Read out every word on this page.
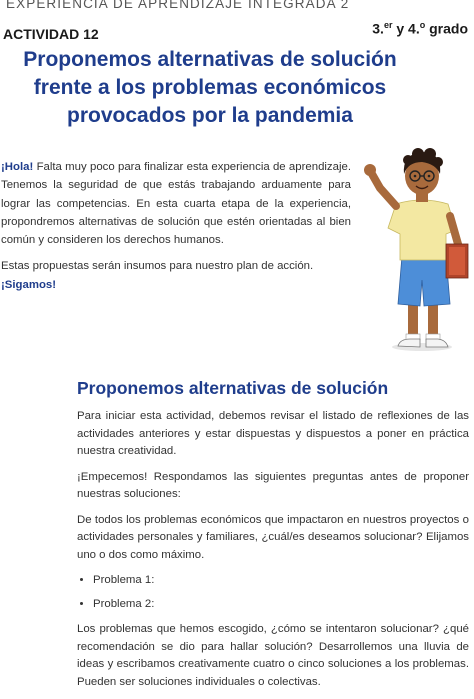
EXPERIENCIA DE APRENDIZAJE INTEGRADA 2
ACTIVIDAD 12	3.$^{er}$ y 4.$^o$ grado
Proponemos alternativas de solución
frente a los problemas económicos
provocados por la pandemia

¡Hola! Falta muy poco para finalizar esta experiencia de aprendizaje. Tenemos la seguridad de que estás trabajando arduamente para lograr las competencias. En esta cuarta etapa de la experiencia, propondremos alternativas de solución que estén orientadas al bien común y consideren los derechos humanos.

Estas propuestas serán insumos para nuestro plan de acción.
¡Sigamos!

Proponemos alternativas de solución

Para iniciar esta actividad, debemos revisar el listado de reflexiones de las actividades anteriores y estar dispuestas y dispuestos a poner en práctica nuestra creatividad.

¡Empecemos! Respondamos las siguientes preguntas antes de proponer nuestras soluciones:

De todos los problemas económicos que impactaron en nuestros proyectos o actividades personales y familiares, ¿cuál/es deseamos solucionar? Elijamos uno o dos como máximo.

• Problema 1:
• Problema 2:

Los problemas que hemos escogido, ¿cómo se intentaron solucionar? ¿qué recomendación se dio para hallar solución? Desarrollemos una lluvia de ideas y escribamos creativamente cuatro o cinco soluciones a los problemas. Pueden ser soluciones individuales o colectivas.
